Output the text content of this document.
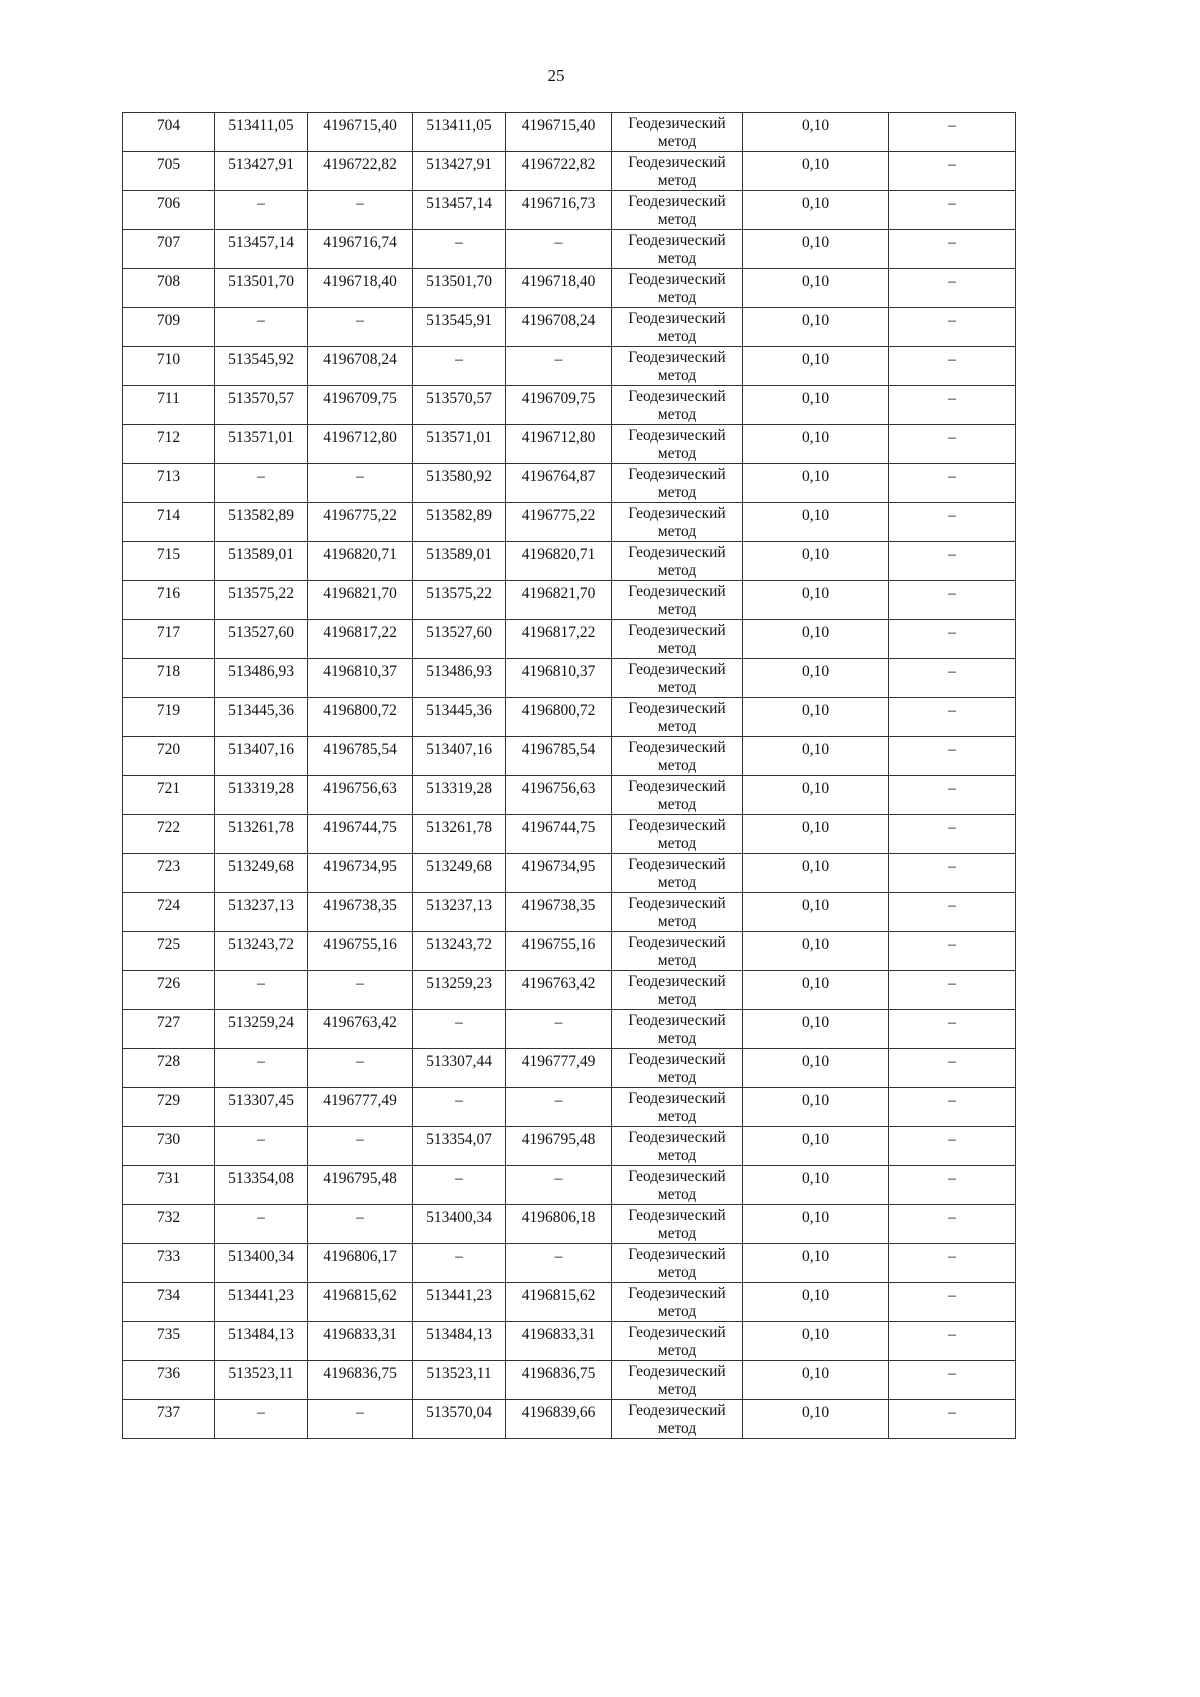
25
704	513411,05	4196715,40	513411,05	4196715,40	Геодезический метод	0,10	–

705	513427,91	4196722,82	513427,91	4196722,82	Геодезический метод	0,10	–

706	–	–	513457,14	4196716,73	Геодезический метод	0,10	–

707	513457,14	4196716,74	–	–	Геодезический метод	0,10	–

708	513501,70	4196718,40	513501,70	4196718,40	Геодезический метод	0,10	–

709	–	–	513545,91	4196708,24	Геодезический метод	0,10	–

710	513545,92	4196708,24	–	–	Геодезический метод	0,10	–

711	513570,57	4196709,75	513570,57	4196709,75	Геодезический метод	0,10	–

712	513571,01	4196712,80	513571,01	4196712,80	Геодезический метод	0,10	–

713	–	–	513580,92	4196764,87	Геодезический метод	0,10	–

714	513582,89	4196775,22	513582,89	4196775,22	Геодезический метод	0,10	–

715	513589,01	4196820,71	513589,01	4196820,71	Геодезический метод	0,10	–

716	513575,22	4196821,70	513575,22	4196821,70	Геодезический метод	0,10	–

717	513527,60	4196817,22	513527,60	4196817,22	Геодезический метод	0,10	–

718	513486,93	4196810,37	513486,93	4196810,37	Геодезический метод	0,10	–

719	513445,36	4196800,72	513445,36	4196800,72	Геодезический метод	0,10	–

720	513407,16	4196785,54	513407,16	4196785,54	Геодезический метод	0,10	–

721	513319,28	4196756,63	513319,28	4196756,63	Геодезический метод	0,10	–

722	513261,78	4196744,75	513261,78	4196744,75	Геодезический метод	0,10	–

723	513249,68	4196734,95	513249,68	4196734,95	Геодезический метод	0,10	–

724	513237,13	4196738,35	513237,13	4196738,35	Геодезический метод	0,10	–

725	513243,72	4196755,16	513243,72	4196755,16	Геодезический метод	0,10	–

726	–	–	513259,23	4196763,42	Геодезический метод	0,10	–

727	513259,24	4196763,42	–	–	Геодезический метод	0,10	–

728	–	–	513307,44	4196777,49	Геодезический метод	0,10	–

729	513307,45	4196777,49	–	–	Геодезический метод	0,10	–

730	–	–	513354,07	4196795,48	Геодезический метод	0,10	–

731	513354,08	4196795,48	–	–	Геодезический метод	0,10	–

732	–	–	513400,34	4196806,18	Геодезический метод	0,10	–

733	513400,34	4196806,17	–	–	Геодезический метод	0,10	–

734	513441,23	4196815,62	513441,23	4196815,62	Геодезический метод	0,10	–

735	513484,13	4196833,31	513484,13	4196833,31	Геодезический метод	0,10	–

736	513523,11	4196836,75	513523,11	4196836,75	Геодезический метод	0,10	–

737	–	–	513570,04	4196839,66	Геодезический метод	0,10	–
